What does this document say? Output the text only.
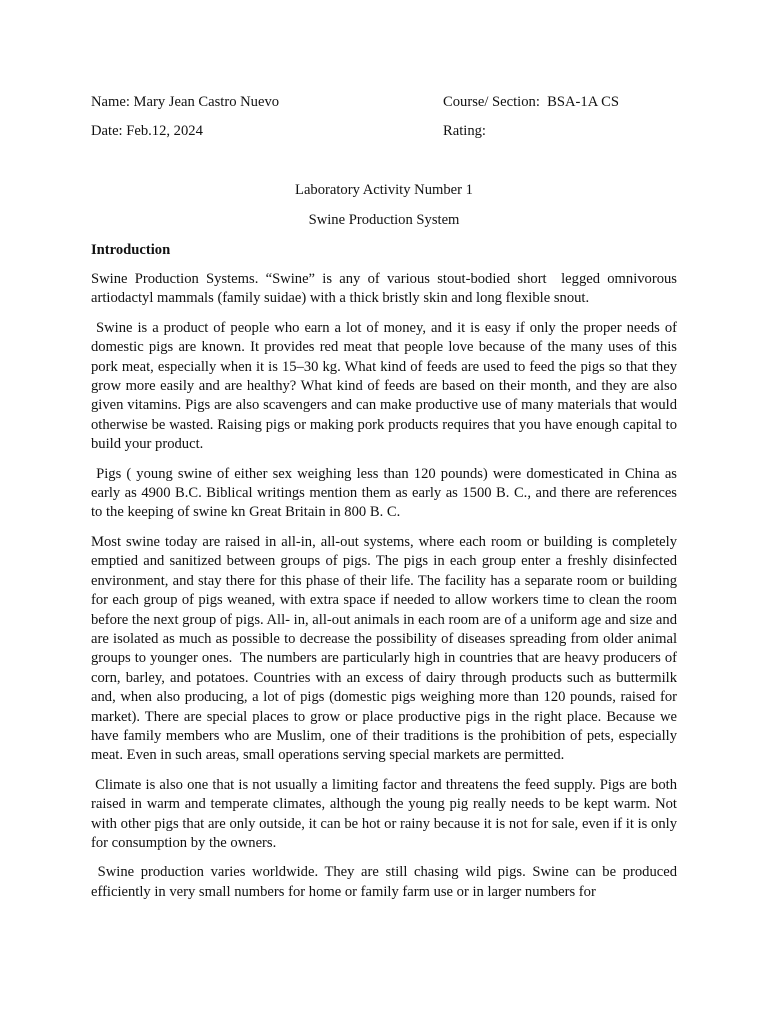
Name: Mary Jean Castro Nuevo	Course/ Section:  BSA-1A CS
Date: Feb.12, 2024	Rating:
Laboratory Activity Number 1
Swine Production System
Introduction

Swine Production Systems. “Swine” is any of various stout-bodied short  legged omnivorous artiodactyl mammals (family suidae) with a thick bristly skin and long flexible snout.

Swine is a product of people who earn a lot of money, and it is easy if only the proper needs of domestic pigs are known. It provides red meat that people love because of the many uses of this pork meat, especially when it is 15–30 kg. What kind of feeds are used to feed the pigs so that they grow more easily and are healthy? What kind of feeds are based on their month, and they are also given vitamins. Pigs are also scavengers and can make productive use of many materials that would otherwise be wasted. Raising pigs or making pork products requires that you have enough capital to build your product.

Pigs ( young swine of either sex weighing less than 120 pounds) were domesticated in China as early as 4900 B.C. Biblical writings mention them as early as 1500 B. C., and there are references to the keeping of swine kn Great Britain in 800 B. C.

Most swine today are raised in all-in, all-out systems, where each room or building is completely emptied and sanitized between groups of pigs. The pigs in each group enter a freshly disinfected environment, and stay there for this phase of their life. The facility has a separate room or building for each group of pigs weaned, with extra space if needed to allow workers time to clean the room before the next group of pigs. All- in, all-out animals in each room are of a uniform age and size and are isolated as much as possible to decrease the possibility of diseases spreading from older animal groups to younger ones.  The numbers are particularly high in countries that are heavy producers of corn, barley, and potatoes. Countries with an excess of dairy through products such as buttermilk and, when also producing, a lot of pigs (domestic pigs weighing more than 120 pounds, raised for market). There are special places to grow or place productive pigs in the right place. Because we have family members who are Muslim, one of their traditions is the prohibition of pets, especially meat. Even in such areas, small operations serving special markets are permitted.

Climate is also one that is not usually a limiting factor and threatens the feed supply. Pigs are both raised in warm and temperate climates, although the young pig really needs to be kept warm. Not with other pigs that are only outside, it can be hot or rainy because it is not for sale, even if it is only for consumption by the owners.

Swine production varies worldwide. They are still chasing wild pigs. Swine can be produced efficiently in very small numbers for home or family farm use or in larger numbers for
